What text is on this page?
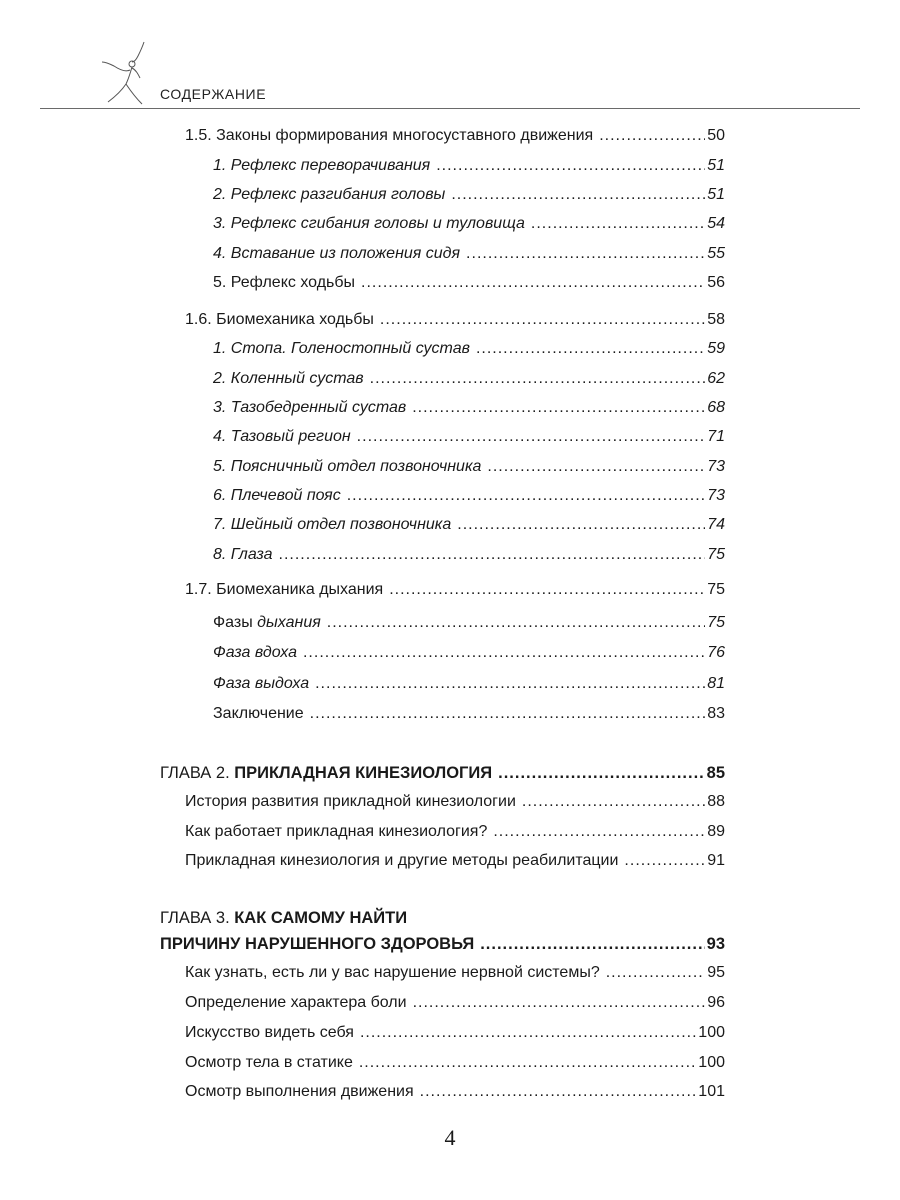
СОДЕРЖАНИЕ
1.5. Законы формирования многосуставного движения .....	50
1. Рефлекс переворачивания .....	51
2. Рефлекс разгибания головы .....	51
3. Рефлекс сгибания головы и туловища .....	54
4. Вставание из положения сидя .....	55
5. Рефлекс ходьбы .....	56
1.6. Биомеханика ходьбы .....	58
1. Стопа. Голеностопный сустав .....	59
2. Коленный сустав .....	62
3. Тазобедренный сустав .....	68
4. Тазовый регион .....	71
5. Поясничный отдел позвоночника .....	73
6. Плечевой пояс .....	73
7. Шейный отдел позвоночника .....	74
8. Глаза .....	75
1.7. Биомеханика дыхания .....	75
Фазы дыхания .....	75
Фаза вдоха .....	76
Фаза выдоха .....	81
Заключение .....	83
ГЛАВА 2. ПРИКЛАДНАЯ КИНЕЗИОЛОГИЯ .....	85
История развития прикладной кинезиологии .....	88
Как работает прикладная кинезиология? .....	89
Прикладная кинезиология и другие методы реабилитации .....	91
ГЛАВА 3. КАК САМОМУ НАЙТИ
ПРИЧИНУ НАРУШЕННОГО ЗДОРОВЬЯ .....	93
Как узнать, есть ли у вас нарушение нервной системы? .....	95
Определение характера боли .....	96
Искусство видеть себя .....	100
Осмотр тела в статике .....	100
Осмотр выполнения движения .....	101
4
